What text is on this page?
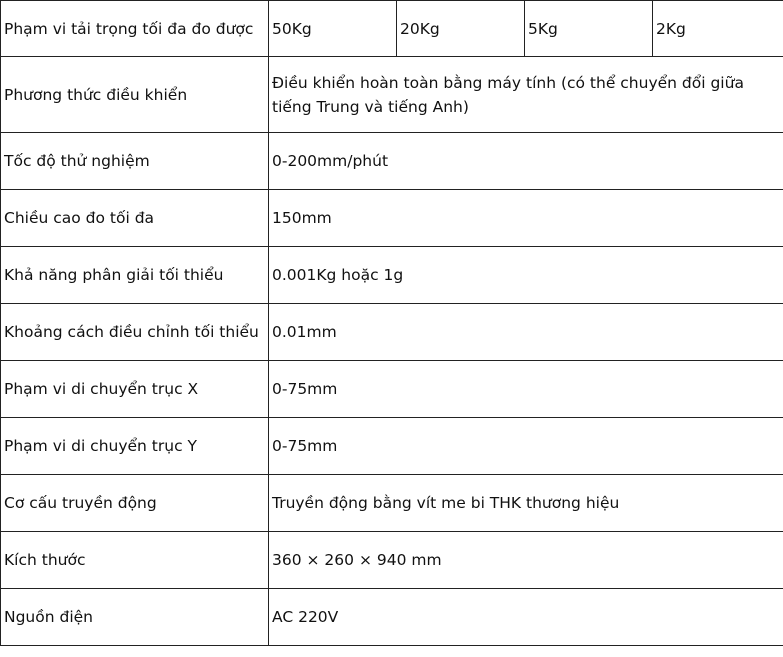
Phạm vi tải trọng tối đa đo được	50Kg	20Kg	5Kg	2Kg
Phương thức điều khiển	Điều khiển hoàn toàn bằng máy tính (có thể chuyển đổi giữa tiếng Trung và tiếng Anh)			

Tốc độ thử nghiệm	0-200mm/phút			
Chiều cao đo tối đa	150mm			
Khả năng phân giải tối thiểu	0.001Kg hoặc 1g			
Khoảng cách điều chỉnh tối thiểu	0.01mm			
Phạm vi di chuyển trục X	0-75mm			
Phạm vi di chuyển trục Y	0-75mm			
Cơ cấu truyền động	Truyền động bằng vít me bi THK thương hiệu			
Kích thước	360 × 260 × 940 mm			
Nguồn điện	AC 220V			
